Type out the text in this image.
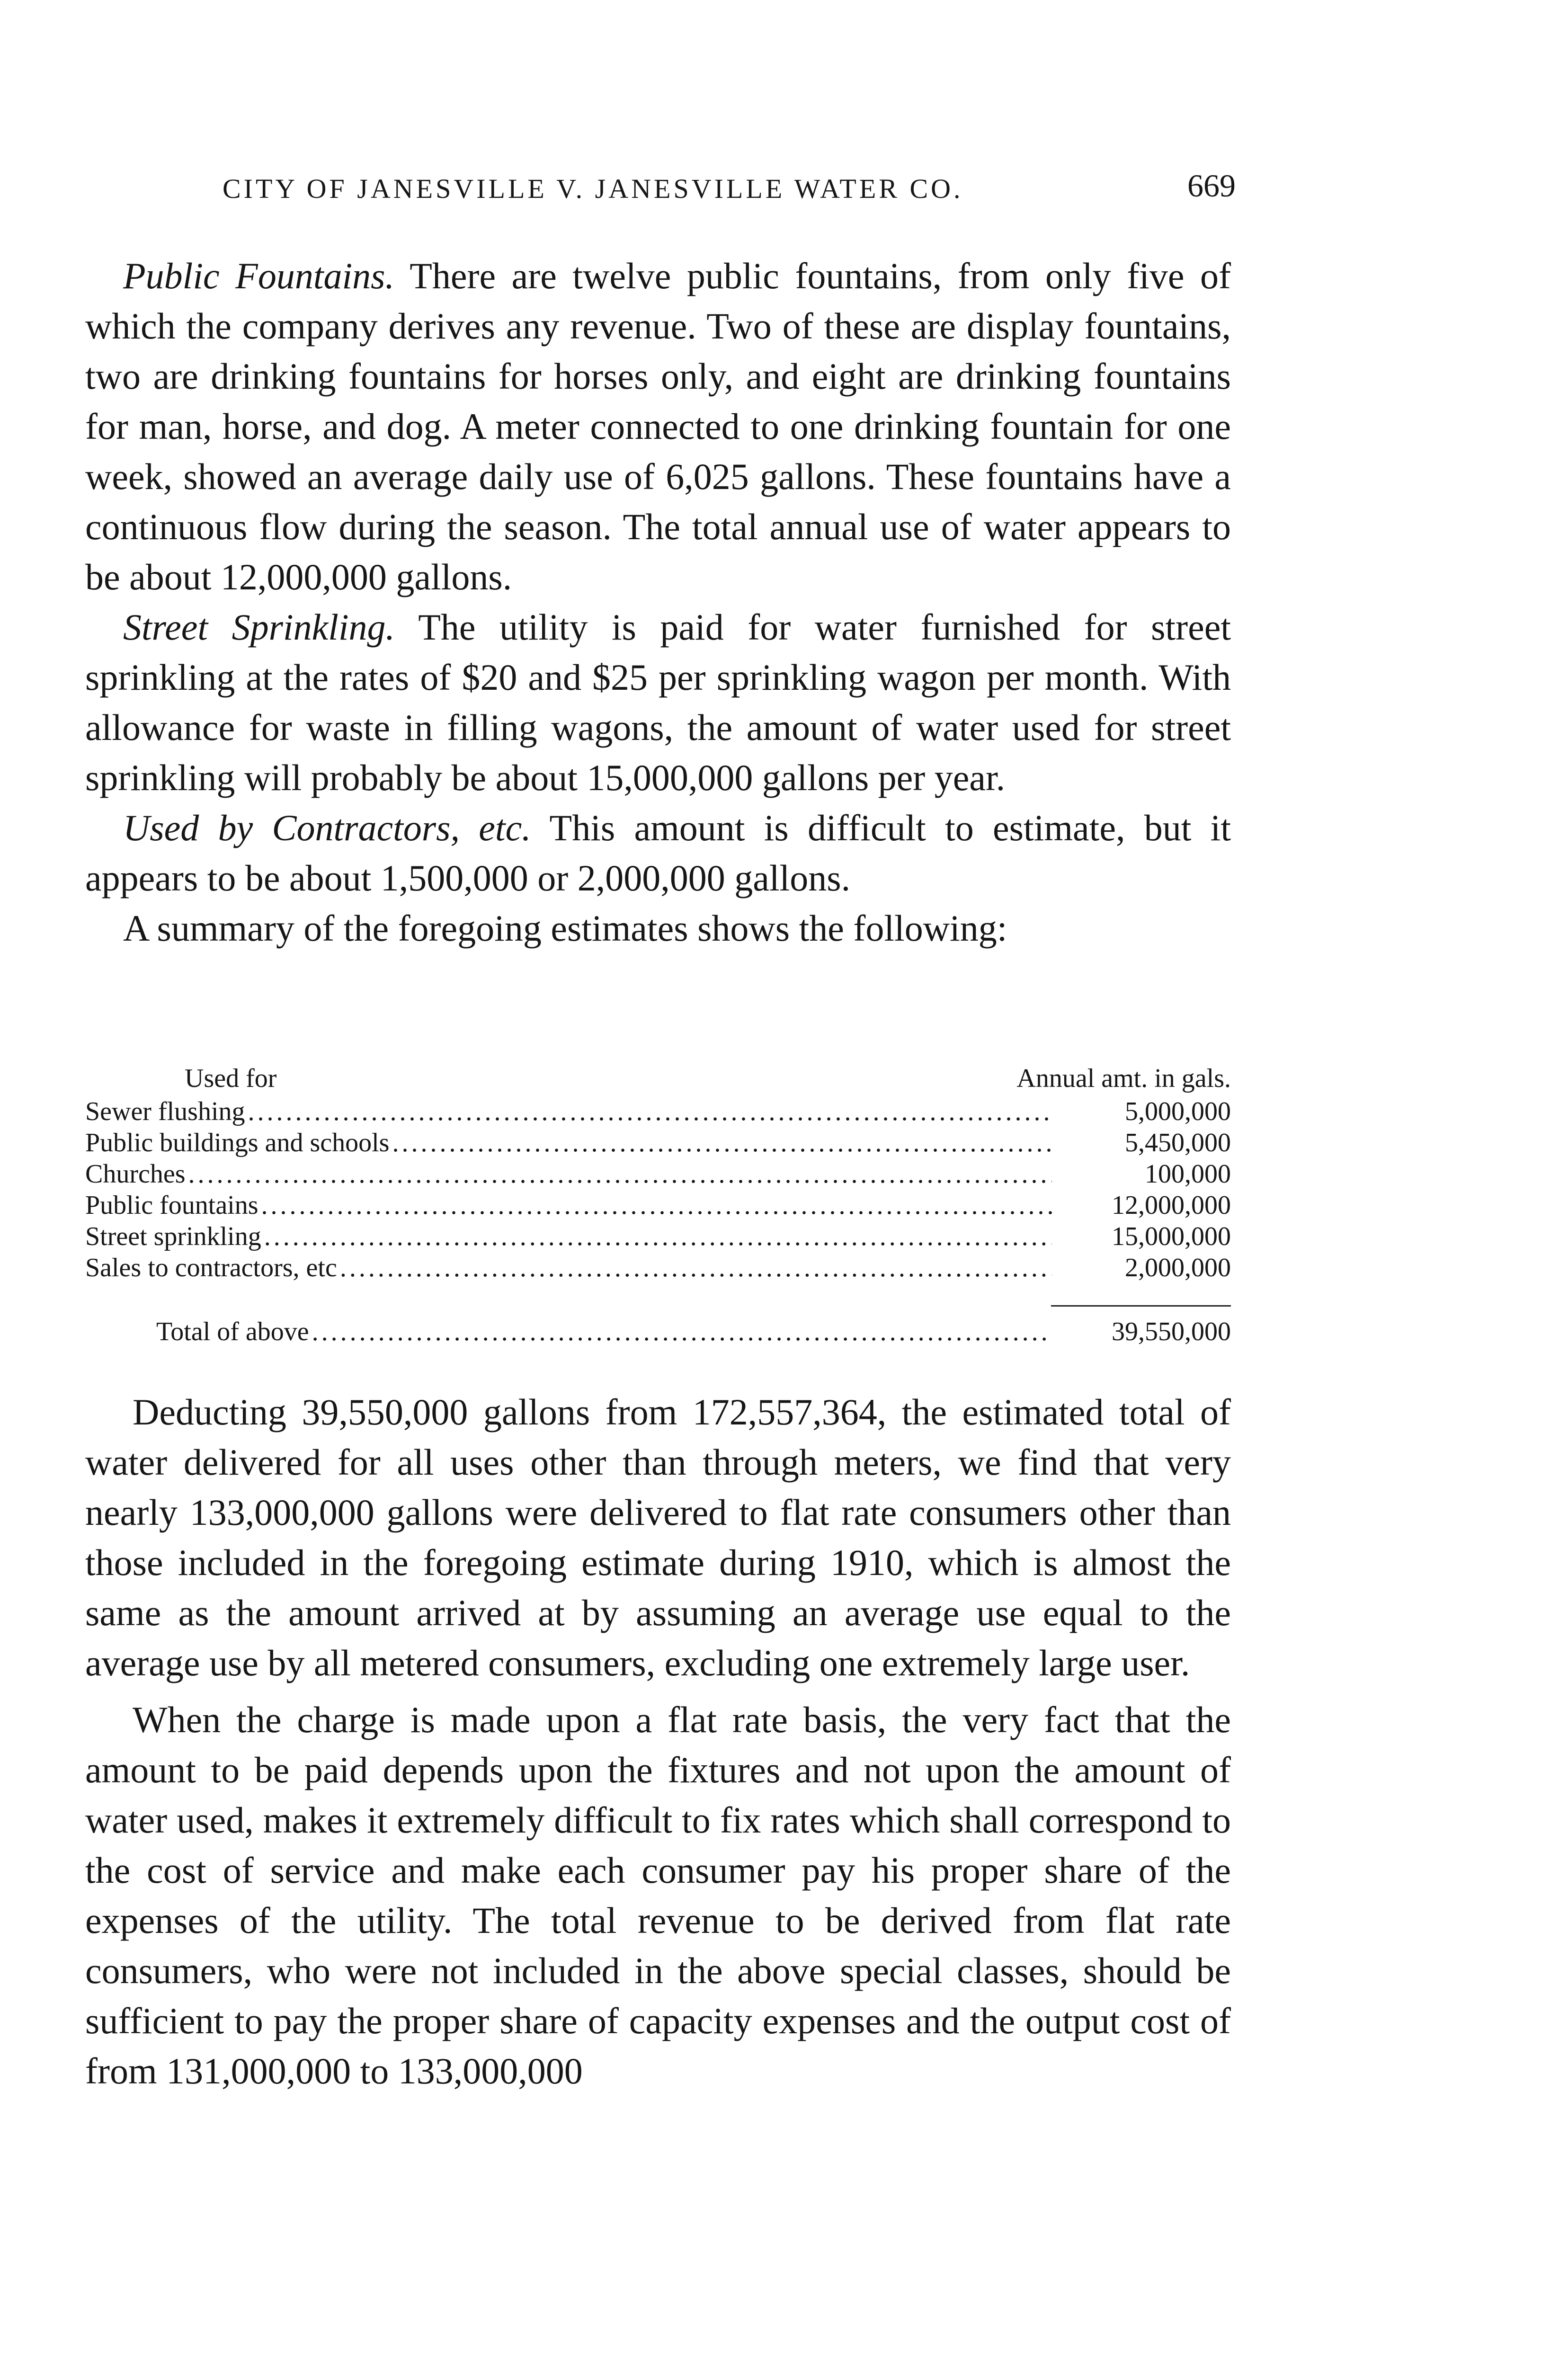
CITY OF JANESVILLE V. JANESVILLE WATER CO.	669

Public Fountains. There are twelve public fountains, from only five of which the company derives any revenue. Two of these are display fountains, two are drinking fountains for horses only, and eight are drinking fountains for man, horse, and dog. A meter connected to one drinking fountain for one week, showed an average daily use of 6,025 gallons. These fountains have a continuous flow during the season. The total annual use of water appears to be about 12,000,000 gallons.

Street Sprinkling. The utility is paid for water furnished for street sprinkling at the rates of $20 and $25 per sprinkling wagon per month. With allowance for waste in filling wagons, the amount of water used for street sprinkling will probably be about 15,000,000 gallons per year.

Used by Contractors, etc. This amount is difficult to estimate, but it appears to be about 1,500,000 or 2,000,000 gallons.

A summary of the foregoing estimates shows the following:

Used for	Annual amt. in gals.
Sewer flushing .....	5,000,000
Public buildings and schools .....	5,450,000
Churches .....	100,000
Public fountains .....	12,000,000
Street sprinkling .....	15,000,000
Sales to contractors, etc .....	2,000,000
Total of above .....	39,550,000

Deducting 39,550,000 gallons from 172,557,364, the estimated total of water delivered for all uses other than through meters, we find that very nearly 133,000,000 gallons were delivered to flat rate consumers other than those included in the foregoing estimate during 1910, which is almost the same as the amount arrived at by assuming an average use equal to the average use by all metered consumers, excluding one extremely large user.

When the charge is made upon a flat rate basis, the very fact that the amount to be paid depends upon the fixtures and not upon the amount of water used, makes it extremely difficult to fix rates which shall correspond to the cost of service and make each consumer pay his proper share of the expenses of the utility. The total revenue to be derived from flat rate consumers, who were not included in the above special classes, should be sufficient to pay the proper share of capacity expenses and the output cost of from 131,000,000 to 133,000,000
